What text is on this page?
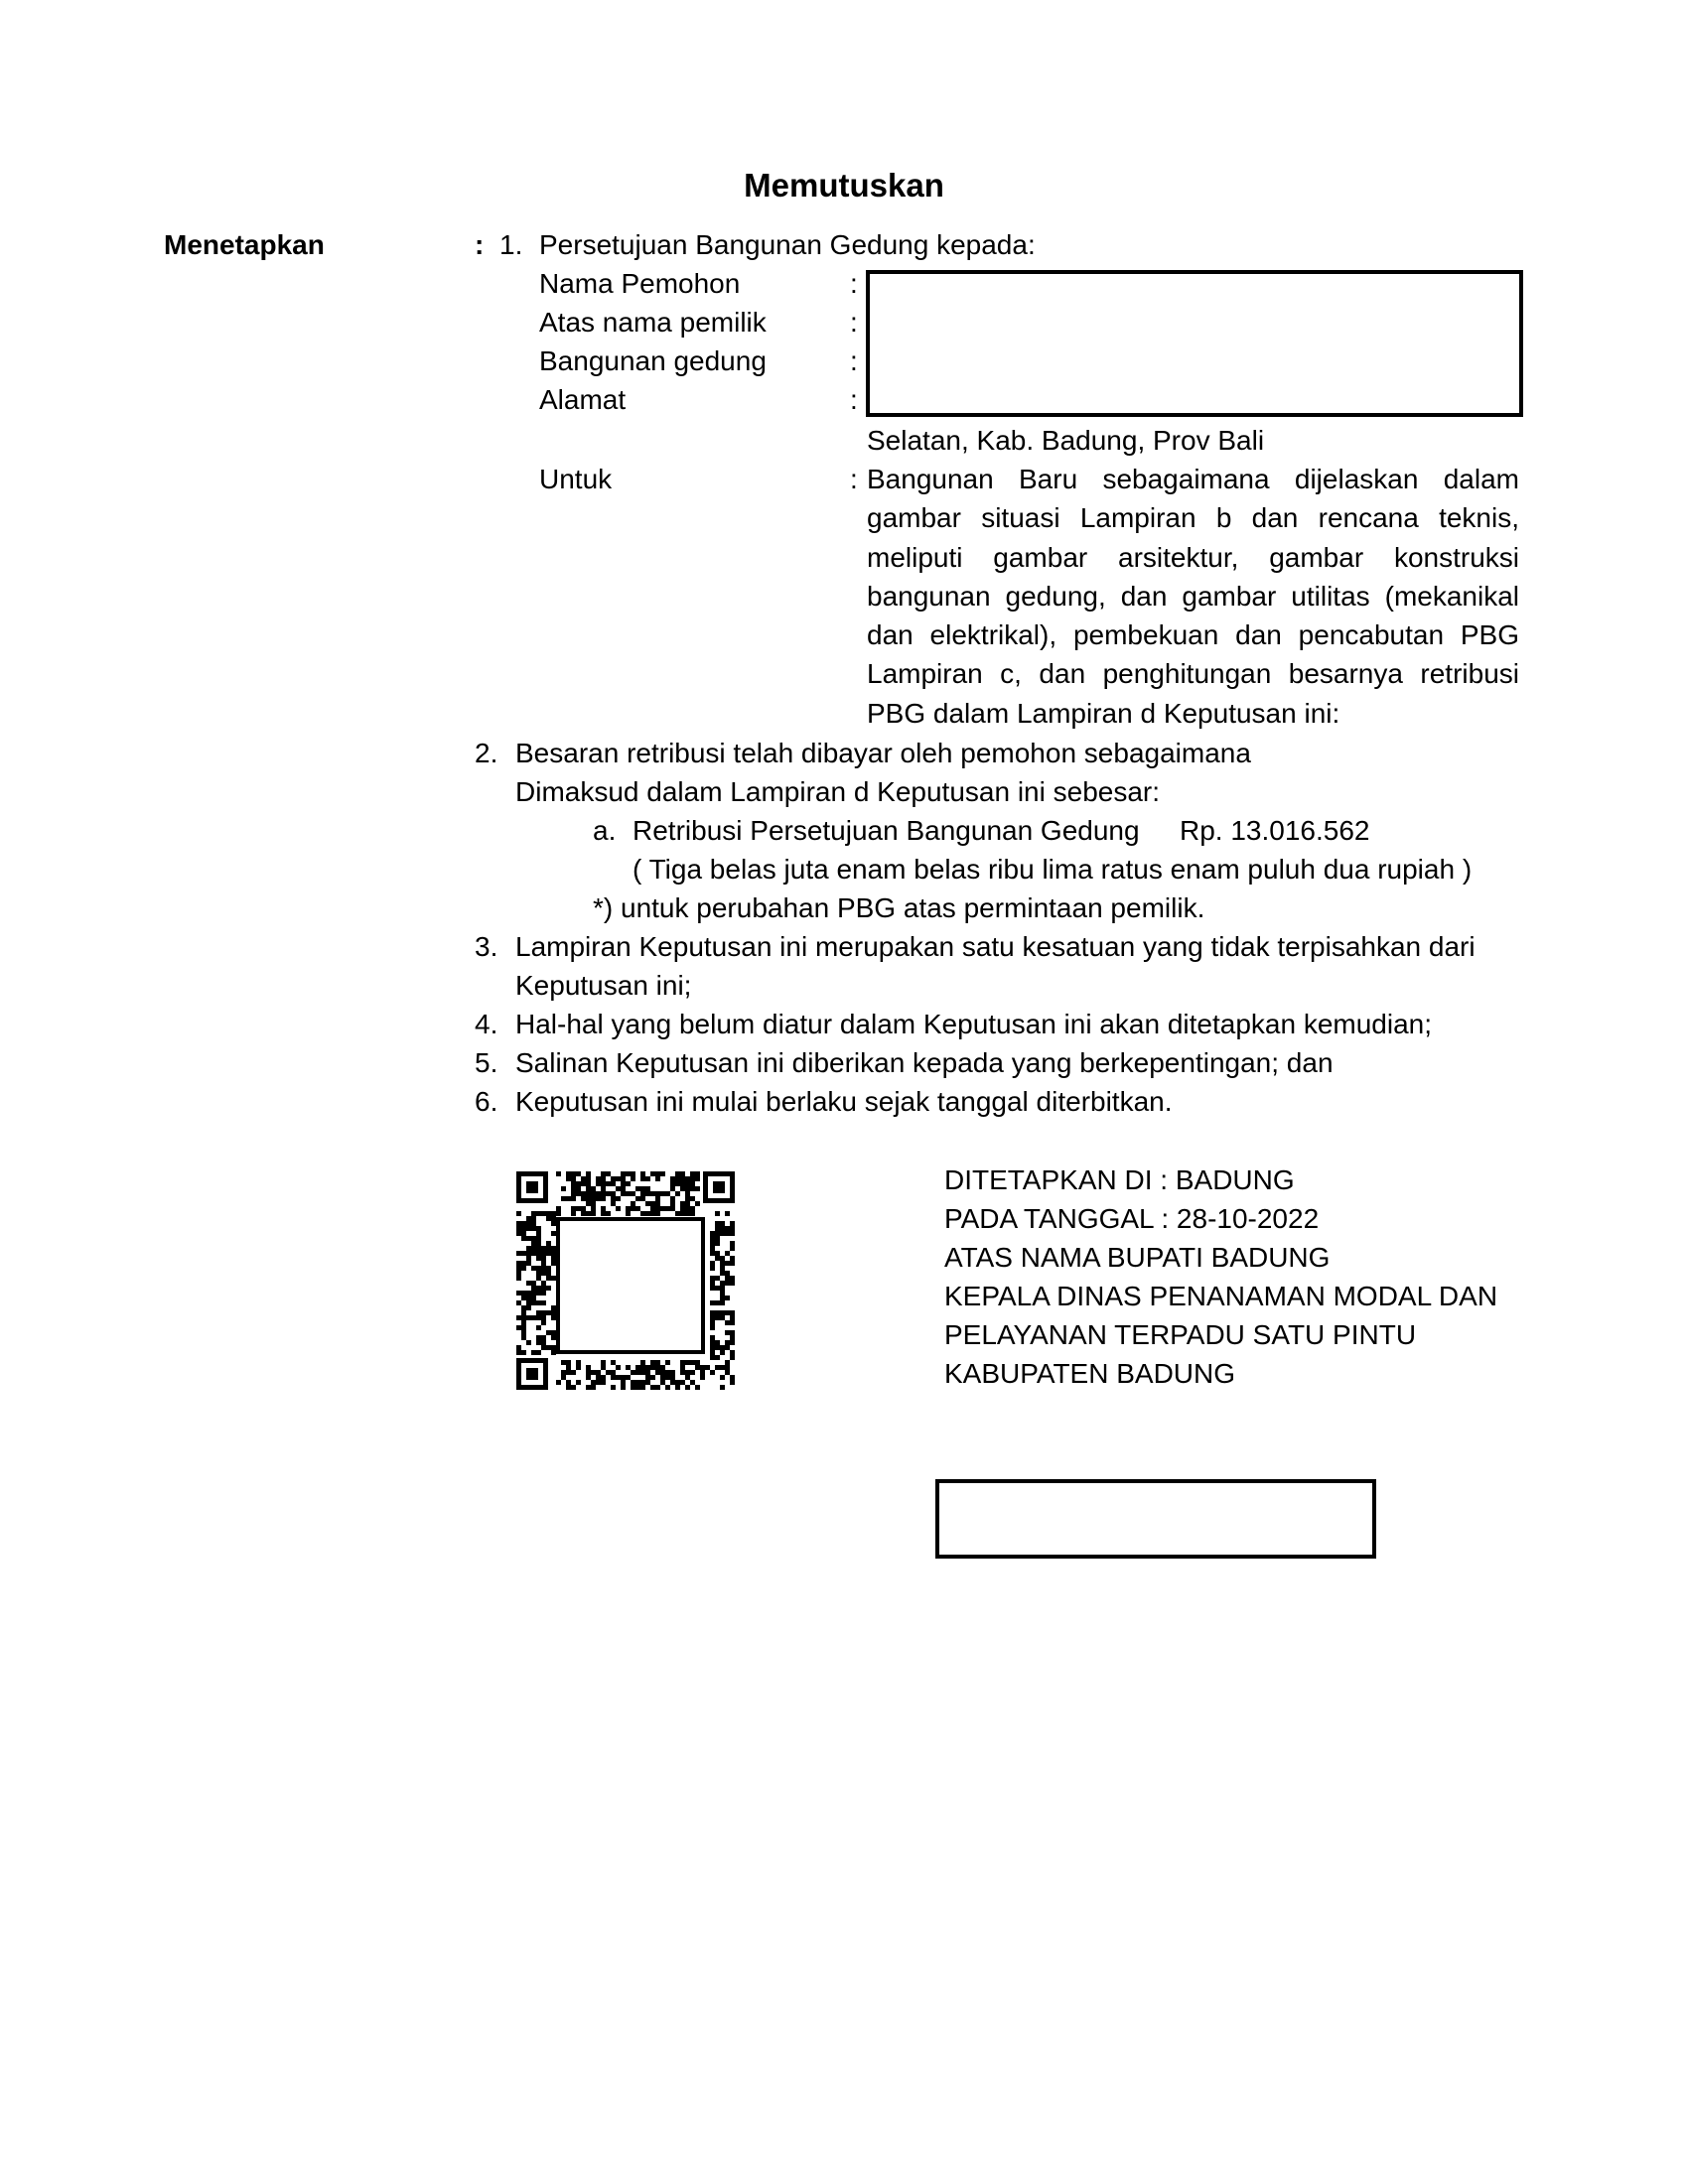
Memutuskan
Menetapkan	: 1. Persetujuan Bangunan Gedung kepada:
Nama Pemohon	:
Atas nama pemilik	:
Bangunan gedung	:
Alamat	:
Selatan, Kab. Badung, Prov Bali
Untuk	: Bangunan Baru sebagaimana dijelaskan dalam gambar situasi Lampiran b dan rencana teknis, meliputi gambar arsitektur, gambar konstruksi bangunan gedung, dan gambar utilitas (mekanikal dan elektrikal), pembekuan dan pencabutan PBG Lampiran c, dan penghitungan besarnya retribusi PBG dalam Lampiran d Keputusan ini:
2. Besaran retribusi telah dibayar oleh pemohon sebagaimana
Dimaksud dalam Lampiran d Keputusan ini sebesar:
a. Retribusi Persetujuan Bangunan Gedung Rp. 13.016.562
( Tiga belas juta enam belas ribu lima ratus enam puluh dua rupiah )
*) untuk perubahan PBG atas permintaan pemilik.
3. Lampiran Keputusan ini merupakan satu kesatuan yang tidak terpisahkan dari
Keputusan ini;
4. Hal-hal yang belum diatur dalam Keputusan ini akan ditetapkan kemudian;
5. Salinan Keputusan ini diberikan kepada yang berkepentingan; dan
6. Keputusan ini mulai berlaku sejak tanggal diterbitkan.
DITETAPKAN DI : BADUNG
PADA TANGGAL : 28-10-2022
ATAS NAMA BUPATI BADUNG
KEPALA DINAS PENANAMAN MODAL DAN
PELAYANAN TERPADU SATU PINTU
KABUPATEN BADUNG
